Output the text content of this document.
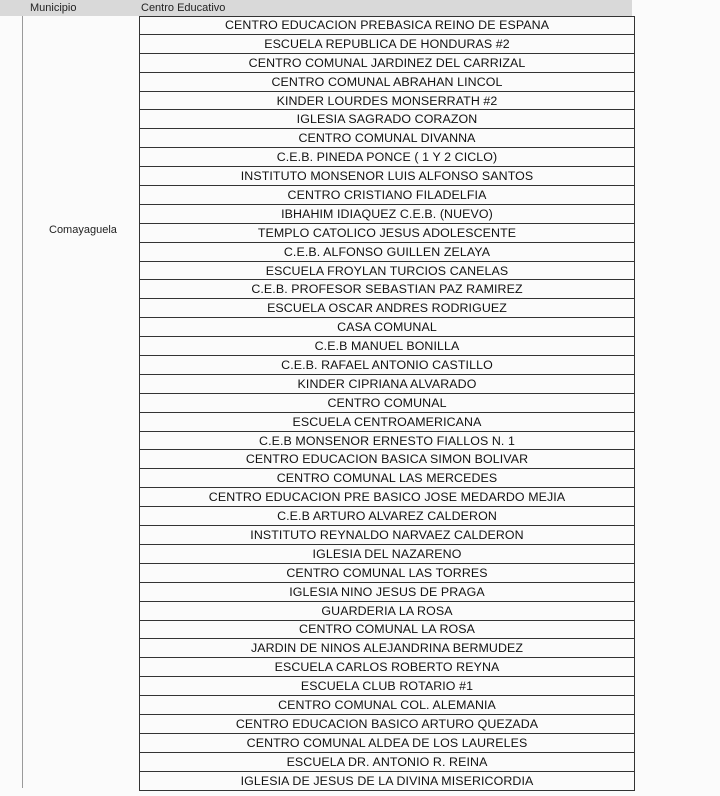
Municipio	Centro Educativo
Comayaguela
CENTRO EDUCACION PREBASICA REINO DE ESPANA
ESCUELA REPUBLICA DE HONDURAS #2
CENTRO COMUNAL JARDINEZ DEL CARRIZAL
CENTRO COMUNAL ABRAHAN LINCOL
KINDER LOURDES MONSERRATH #2
IGLESIA SAGRADO CORAZON
CENTRO COMUNAL DIVANNA
C.E.B. PINEDA PONCE ( 1 Y 2 CICLO)
INSTITUTO MONSENOR LUIS ALFONSO SANTOS
CENTRO CRISTIANO FILADELFIA
IBHAHIM IDIAQUEZ C.E.B. (NUEVO)
TEMPLO CATOLICO JESUS ADOLESCENTE
C.E.B. ALFONSO GUILLEN ZELAYA
ESCUELA FROYLAN TURCIOS CANELAS
C.E.B. PROFESOR SEBASTIAN PAZ RAMIREZ
ESCUELA OSCAR ANDRES RODRIGUEZ
CASA COMUNAL
C.E.B MANUEL BONILLA
C.E.B. RAFAEL ANTONIO CASTILLO
KINDER CIPRIANA ALVARADO
CENTRO COMUNAL
ESCUELA CENTROAMERICANA
C.E.B MONSENOR ERNESTO FIALLOS N. 1
CENTRO EDUCACION BASICA SIMON BOLIVAR
CENTRO COMUNAL LAS MERCEDES
CENTRO EDUCACION PRE BASICO JOSE MEDARDO MEJIA
C.E.B ARTURO ALVAREZ CALDERON
INSTITUTO REYNALDO NARVAEZ CALDERON
IGLESIA DEL NAZARENO
CENTRO COMUNAL LAS TORRES
IGLESIA NINO JESUS DE PRAGA
GUARDERIA LA ROSA
CENTRO COMUNAL LA ROSA
JARDIN DE NINOS ALEJANDRINA BERMUDEZ
ESCUELA CARLOS ROBERTO REYNA
ESCUELA CLUB ROTARIO #1
CENTRO COMUNAL COL. ALEMANIA
CENTRO EDUCACION BASICO ARTURO QUEZADA
CENTRO COMUNAL ALDEA DE LOS LAURELES
ESCUELA DR. ANTONIO R. REINA
IGLESIA DE JESUS DE LA DIVINA MISERICORDIA
